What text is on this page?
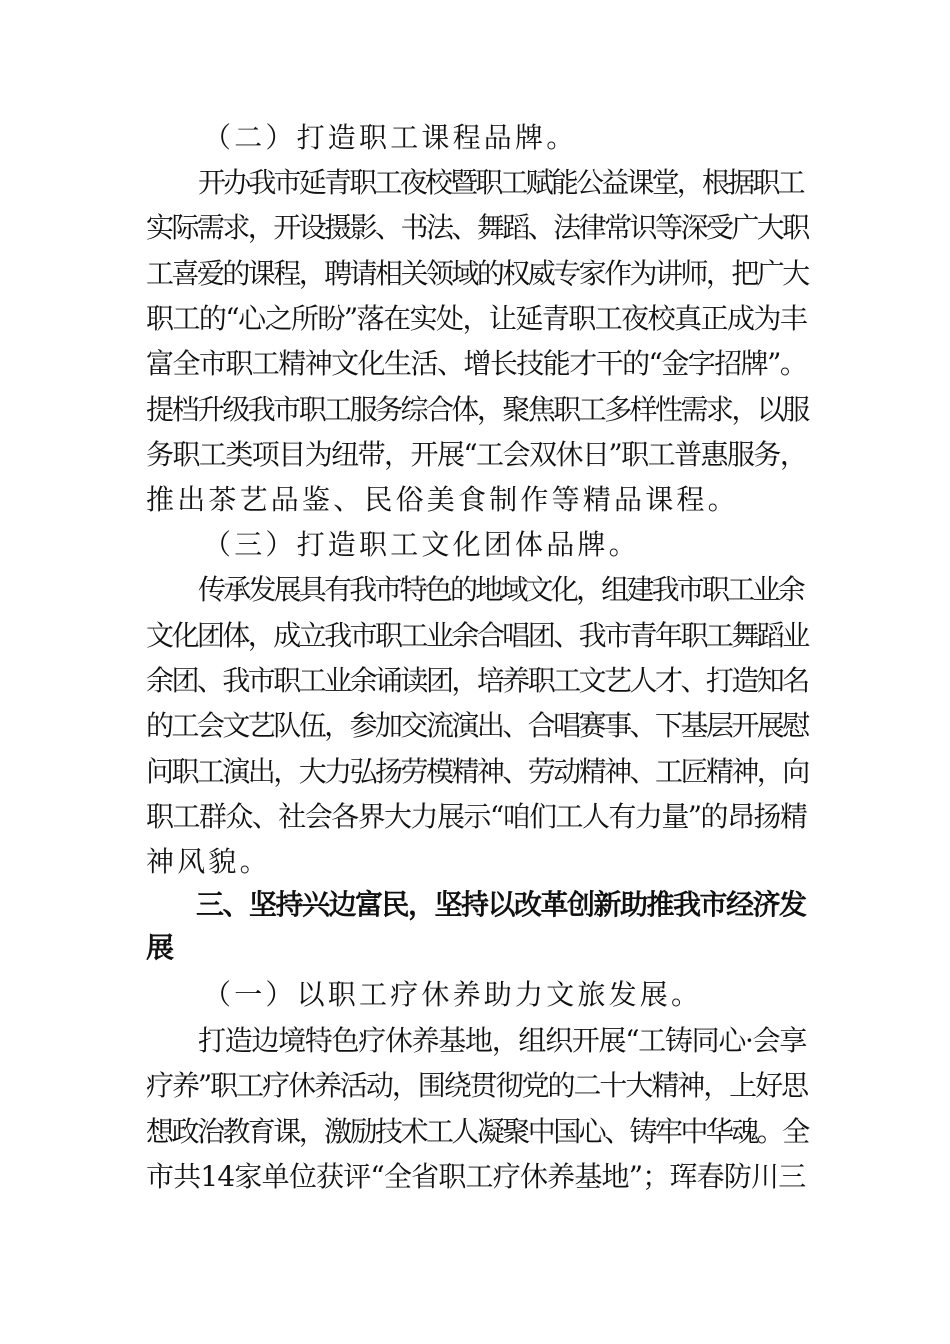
（二）打造职工课程品牌。
开办我市延青职工夜校暨职工赋能公益课堂，根据职工
实际需求，开设摄影、书法、舞蹈、法律常识等深受广大职
工喜爱的课程，聘请相关领域的权威专家作为讲师，把广大
职工的“心之所盼”落在实处，让延青职工夜校真正成为丰
富全市职工精神文化生活、增长技能才干的“金字招牌”。
提档升级我市职工服务综合体，聚焦职工多样性需求，以服
务职工类项目为纽带，开展“工会双休日”职工普惠服务，
推出茶艺品鉴、民俗美食制作等精品课程。
（三）打造职工文化团体品牌。
传承发展具有我市特色的地域文化，组建我市职工业余
文化团体，成立我市职工业余合唱团、我市青年职工舞蹈业
余团、我市职工业余诵读团，培养职工文艺人才、打造知名
的工会文艺队伍，参加交流演出、合唱赛事、下基层开展慰
问职工演出，大力弘扬劳模精神、劳动精神、工匠精神，向
职工群众、社会各界大力展示“咱们工人有力量”的昂扬精
神风貌。
三、坚持兴边富民，坚持以改革创新助推我市经济发
展
（一）以职工疗休养助力文旅发展。
打造边境特色疗休养基地，组织开展“工铸同心·会享
疗养”职工疗休养活动，围绕贯彻党的二十大精神，上好思
想政治教育课，激励技术工人凝聚中国心、铸牢中华魂。全
市共14家单位获评“全省职工疗休养基地”；珲春防川三
